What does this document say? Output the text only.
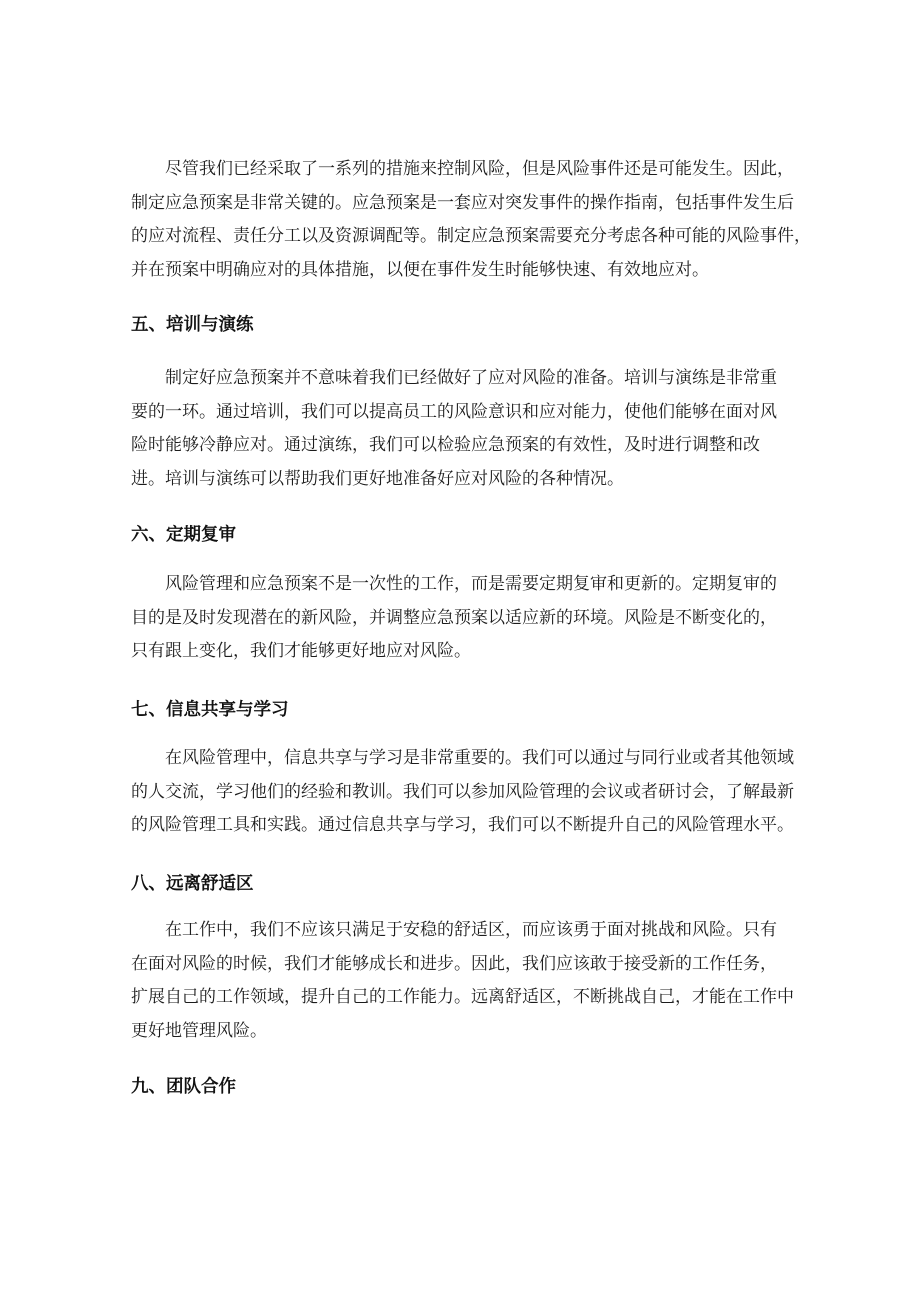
　　尽管我们已经采取了一系列的措施来控制风险，但是风险事件还是可能发生。因此，
制定应急预案是非常关键的。应急预案是一套应对突发事件的操作指南，包括事件发生后
的应对流程、责任分工以及资源调配等。制定应急预案需要充分考虑各种可能的风险事件，
并在预案中明确应对的具体措施，以便在事件发生时能够快速、有效地应对。

五、培训与演练

　　制定好应急预案并不意味着我们已经做好了应对风险的准备。培训与演练是非常重
要的一环。通过培训，我们可以提高员工的风险意识和应对能力，使他们能够在面对风
险时能够冷静应对。通过演练，我们可以检验应急预案的有效性，及时进行调整和改
进。培训与演练可以帮助我们更好地准备好应对风险的各种情况。

六、定期复审

　　风险管理和应急预案不是一次性的工作，而是需要定期复审和更新的。定期复审的
目的是及时发现潜在的新风险，并调整应急预案以适应新的环境。风险是不断变化的，
只有跟上变化，我们才能够更好地应对风险。

七、信息共享与学习

　　在风险管理中，信息共享与学习是非常重要的。我们可以通过与同行业或者其他领域
的人交流，学习他们的经验和教训。我们可以参加风险管理的会议或者研讨会，了解最新
的风险管理工具和实践。通过信息共享与学习，我们可以不断提升自己的风险管理水平。

八、远离舒适区

　　在工作中，我们不应该只满足于安稳的舒适区，而应该勇于面对挑战和风险。只有
在面对风险的时候，我们才能够成长和进步。因此，我们应该敢于接受新的工作任务，
扩展自己的工作领域，提升自己的工作能力。远离舒适区，不断挑战自己，才能在工作中
更好地管理风险。

九、团队合作
